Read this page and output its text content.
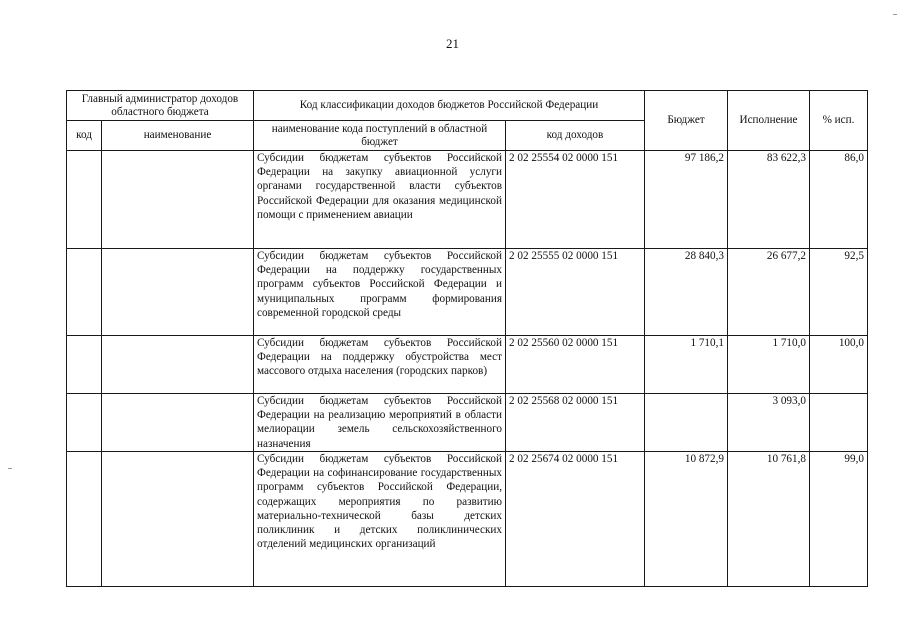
21
Главный администратор доходов областного бюджета		Код классификации доходов бюджетов Российской Федерации		Бюджет	Исполнение	% исп.
код	наименование	наименование кода поступлений в областной бюджет	код доходов			
		Субсидии бюджетам субъектов Российской Федерации на закупку авиационной услуги органами государственной власти субъектов Российской Федерации для оказания медицинской помощи с применением авиации	2 02 25554 02 0000 151	97 186,2	83 622,3	86,0
		Субсидии бюджетам субъектов Российской Федерации на поддержку государственных программ субъектов Российской Федерации и муниципальных программ формирования современной городской среды	2 02 25555 02 0000 151	28 840,3	26 677,2	92,5
		Субсидии бюджетам субъектов Российской Федерации на поддержку обустройства мест массового отдыха населения (городских парков)	2 02 25560 02 0000 151	1 710,1	1 710,0	100,0
		Субсидии бюджетам субъектов Российской Федерации на реализацию мероприятий в области мелиорации земель сельскохозяйственного назначения	2 02 25568 02 0000 151		3 093,0	
		Субсидии бюджетам субъектов Российской Федерации на софинансирование государственных программ субъектов Российской Федерации, содержащих мероприятия по развитию материально-технической базы детских поликлиник и детских поликлинических отделений медицинских организаций	2 02 25674 02 0000 151	10 872,9	10 761,8	99,0
